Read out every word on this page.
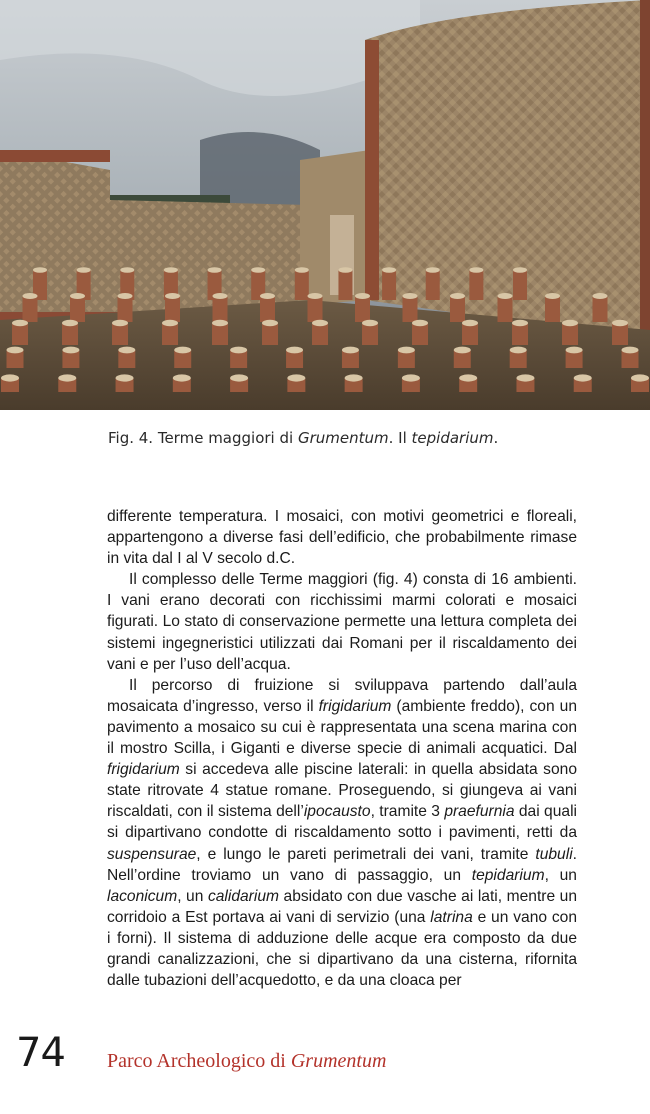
Fig. 4. Terme maggiori di Grumentum. Il tepidarium.

differente temperatura. I mosaici, con motivi geometrici e floreali, appartengono a diverse fasi dell’edificio, che probabilmente rimase in vita dal I al V secolo d.C.

Il complesso delle Terme maggiori (fig. 4) consta di 16 ambienti. I vani erano decorati con ricchissimi marmi colorati e mosaici figurati. Lo stato di conservazione permette una lettura completa dei sistemi ingegneristici utilizzati dai Romani per il riscaldamento dei vani e per l’uso dell’acqua.

Il percorso di fruizione si sviluppava partendo dall’aula mosaicata d’ingresso, verso il frigidarium (ambiente freddo), con un pavimento a mosaico su cui è rappresentata una scena marina con il mostro Scilla, i Giganti e diverse specie di animali acquatici. Dal frigidarium si accedeva alle piscine laterali: in quella absidata sono state ritrovate 4 statue romane. Proseguendo, si giungeva ai vani riscaldati, con il sistema dell’ipocausto, tramite 3 praefurnia dai quali si dipartivano condotte di riscaldamento sotto i pavimenti, retti da suspensurae, e lungo le pareti perimetrali dei vani, tramite tubuli. Nell’ordine troviamo un vano di passaggio, un tepidarium, un laconicum, un calidarium absidato con due vasche ai lati, mentre un corridoio a Est portava ai vani di servizio (una latrina e un vano con i forni). Il sistema di adduzione delle acque era composto da due grandi canalizzazioni, che si dipartivano da una cisterna, rifornita dalle tubazioni dell’acquedotto, e da una cloaca per

74 Parco Archeologico di Grumentum
